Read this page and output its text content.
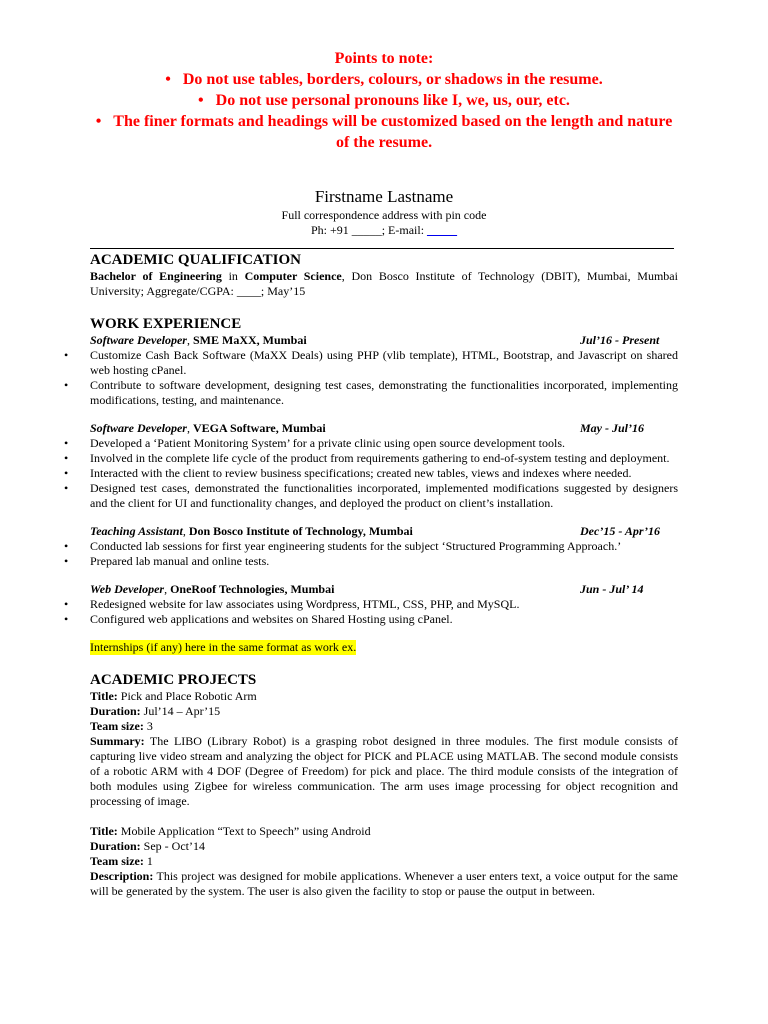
Points to note:
• Do not use tables, borders, colours, or shadows in the resume.
• Do not use personal pronouns like I, we, us, our, etc.
• The finer formats and headings will be customized based on the length and nature of the resume.
Firstname Lastname
Full correspondence address with pin code
Ph: +91 _____; E-mail: _____
ACADEMIC QUALIFICATION

Bachelor of Engineering in Computer Science, Don Bosco Institute of Technology (DBIT), Mumbai, Mumbai University; Aggregate/CGPA: ____; May’15

WORK EXPERIENCE
Software Developer, SME MaXX, Mumbai	Jul’16 - Present
• Customize Cash Back Software (MaXX Deals) using PHP (vlib template), HTML, Bootstrap, and Javascript on shared web hosting cPanel.
• Contribute to software development, designing test cases, demonstrating the functionalities incorporated, implementing modifications, testing, and maintenance.
Software Developer, VEGA Software, Mumbai	May - Jul’16
• Developed a ‘Patient Monitoring System’ for a private clinic using open source development tools.
• Involved in the complete life cycle of the product from requirements gathering to end-of-system testing and deployment.
• Interacted with the client to review business specifications; created new tables, views and indexes where needed.
• Designed test cases, demonstrated the functionalities incorporated, implemented modifications suggested by designers and the client for UI and functionality changes, and deployed the product on client’s installation.
Teaching Assistant, Don Bosco Institute of Technology, Mumbai	Dec’15 - Apr’16
• Conducted lab sessions for first year engineering students for the subject ‘Structured Programming Approach.’
• Prepared lab manual and online tests.
Web Developer, OneRoof Technologies, Mumbai	Jun - Jul’ 14
• Redesigned website for law associates using Wordpress, HTML, CSS, PHP, and MySQL.
• Configured web applications and websites on Shared Hosting using cPanel.
Internships (if any) here in the same format as work ex.
ACADEMIC PROJECTS
Title: Pick and Place Robotic Arm
Duration: Jul’14 – Apr’15
Team size: 3

Summary: The LIBO (Library Robot) is a grasping robot designed in three modules. The first module consists of capturing live video stream and analyzing the object for PICK and PLACE using MATLAB. The second module consists of a robotic ARM with 4 DOF (Degree of Freedom) for pick and place. The third module consists of the integration of both modules using Zigbee for wireless communication. The arm uses image processing for object recognition and processing of image.

Title: Mobile Application “Text to Speech” using Android
Duration: Sep - Oct’14
Team size: 1

Description: This project was designed for mobile applications. Whenever a user enters text, a voice output for the same will be generated by the system. The user is also given the facility to stop or pause the output in between.
